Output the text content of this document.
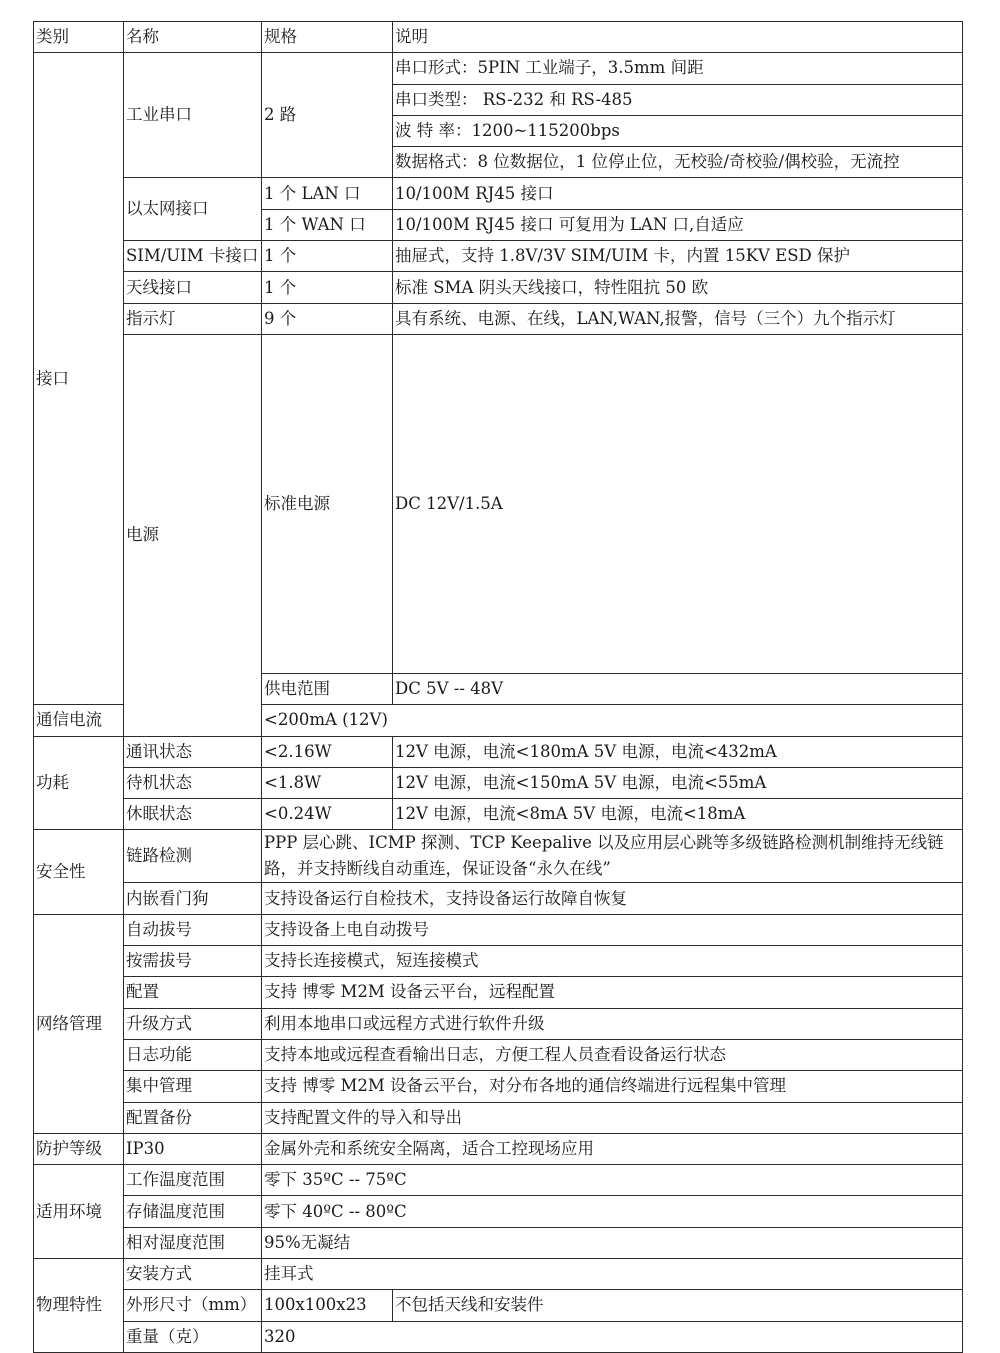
类别	名称	规格	说明	
接口	工业串口	2 路	串口形式：5PIN 工业端子，3.5mm 间距	
			串口类型： RS-232 和 RS-485	
			波 特 率：1200~115200bps	
			数据格式：8 位数据位，1 位停止位，无校验/奇校验/偶校验，无流控	
	以太网接口	1 个 LAN 口	10/100M RJ45 接口	
		1 个 WAN 口	10/100M RJ45 接口 可复用为 LAN 口,自适应	
	SIM/UIM 卡接口	1 个	抽屉式，支持 1.8V/3V SIM/UIM 卡，内置 15KV ESD 保护	
	天线接口	1 个	标准 SMA 阴头天线接口，特性阻抗 50 欧	
	指示灯	9 个	具有系统、电源、在线，LAN,WAN,报警，信号（三个）九个指示灯	
	电源	标准电源	DC 12V/1.5A	
		供电范围	DC 5V -- 48V	
通信电流		<200mA (12V)		
功耗	通讯状态	<2.16W	12V 电源，电流<180mA 5V 电源，电流<432mA	
	待机状态	<1.8W	12V 电源，电流<150mA 5V 电源，电流<55mA	
	休眠状态	<0.24W	12V 电源，电流<8mA 5V 电源，电流<18mA	
安全性	链路检测	PPP 层心跳、ICMP 探测、TCP Keepalive 以及应用层心跳等多级链路检测机制维持无线链路，并支持断线自动重连，保证设备“永久在线”		
	内嵌看门狗	支持设备运行自检技术，支持设备运行故障自恢复		
网络管理	自动拔号	支持设备上电自动拨号		
	按需拔号	支持长连接模式，短连接模式		
	配置	支持 博零 M2M 设备云平台，远程配置		
	升级方式	利用本地串口或远程方式进行软件升级		
	日志功能	支持本地或远程查看输出日志，方便工程人员查看设备运行状态		
	集中管理	支持 博零 M2M 设备云平台，对分布各地的通信终端进行远程集中管理		
	配置备份	支持配置文件的导入和导出		
防护等级	IP30	金属外壳和系统安全隔离，适合工控现场应用		
适用环境	工作温度范围	零下 35ºC -- 75ºC		
	存储温度范围	零下 40ºC -- 80ºC		
	相对湿度范围	95%无凝结		
物理特性	安装方式	挂耳式		
	外形尺寸（mm）	100x100x23	不包括天线和安装件	
	重量（克）	320		
